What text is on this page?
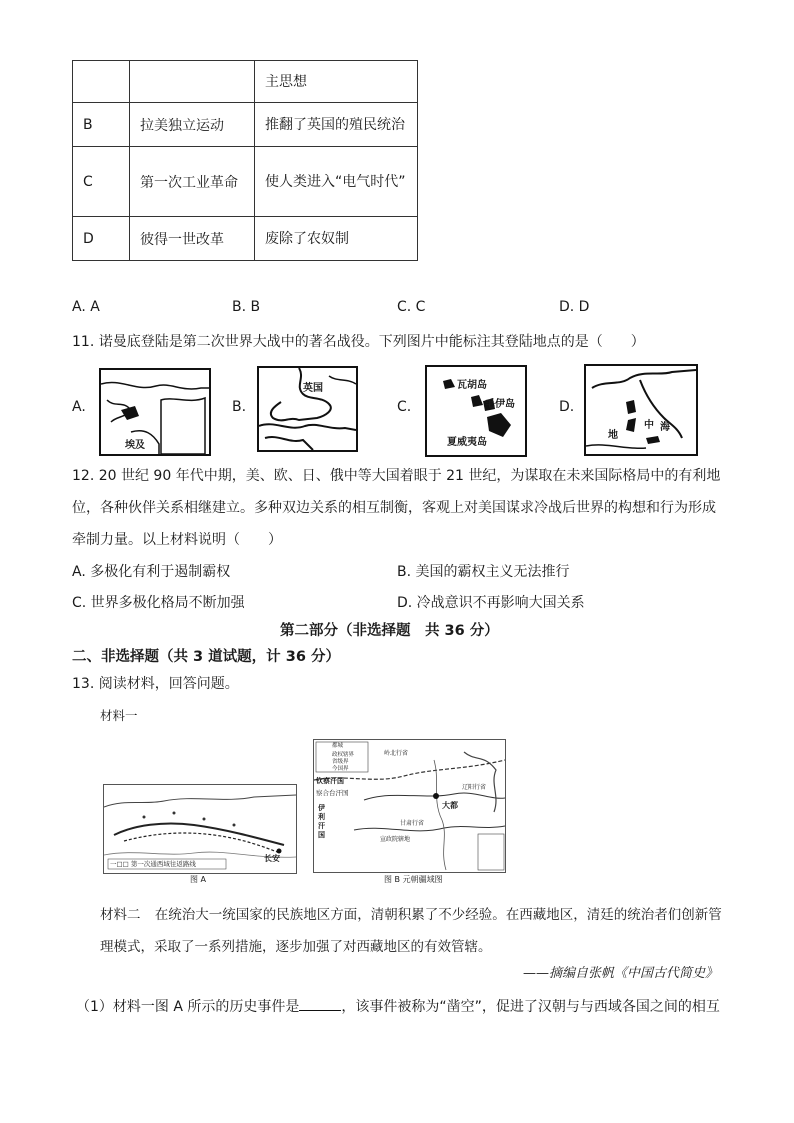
		主思想
B	拉美独立运动	推翻了英国的殖民统治
C	第一次工业革命	使人类进入“电气时代”
D	彼得一世改革	废除了农奴制
A. A	B. B	C. C	D. D
11. 诺曼底登陆是第二次世界大战中的著名战役。下列图片中能标注其登陆地点的是（　　）
A.
埃及
B.
英国
C.
瓦胡岛
毛伊岛
夏威夷岛
D.
中 海
地
12. 20 世纪 90 年代中期，美、欧、日、俄中等大国着眼于 21 世纪，为谋取在未来国际格局中的有利地位，各种伙伴关系相继建立。多种双边关系的相互制衡，客观上对美国谋求冷战后世界的构想和行为形成牵制力量。以上材料说明（　　）
A. 多极化有利于遏制霸权	B. 美国的霸权主义无法推行
C. 世界多极化格局不断加强	D. 冷战意识不再影响大国关系
第二部分（非选择题　共 36 分）
二、非选择题（共 3 道试题，计 36 分）
13. 阅读材料，回答问题。
材料一
一□□ 第一次通西域往返路线
长安
图 A
都城
政权辖界
省级界
今国界
钦察汗国
察合台汗国
伊利汗国
甘肃行省
辽阳行省
大都
宣政院辖地
岭北行省
图 B 元朝疆域图
材料二 在统治大一统国家的民族地区方面，清朝积累了不少经验。在西藏地区，清廷的统治者们创新管理模式，采取了一系列措施，逐步加强了对西藏地区的有效管辖。
——摘编自张帆《中国古代简史》
（1）材料一图 A 所示的历史事件是	，该事件被称为“凿空”，促进了汉朝与与西域各国之间的相互
